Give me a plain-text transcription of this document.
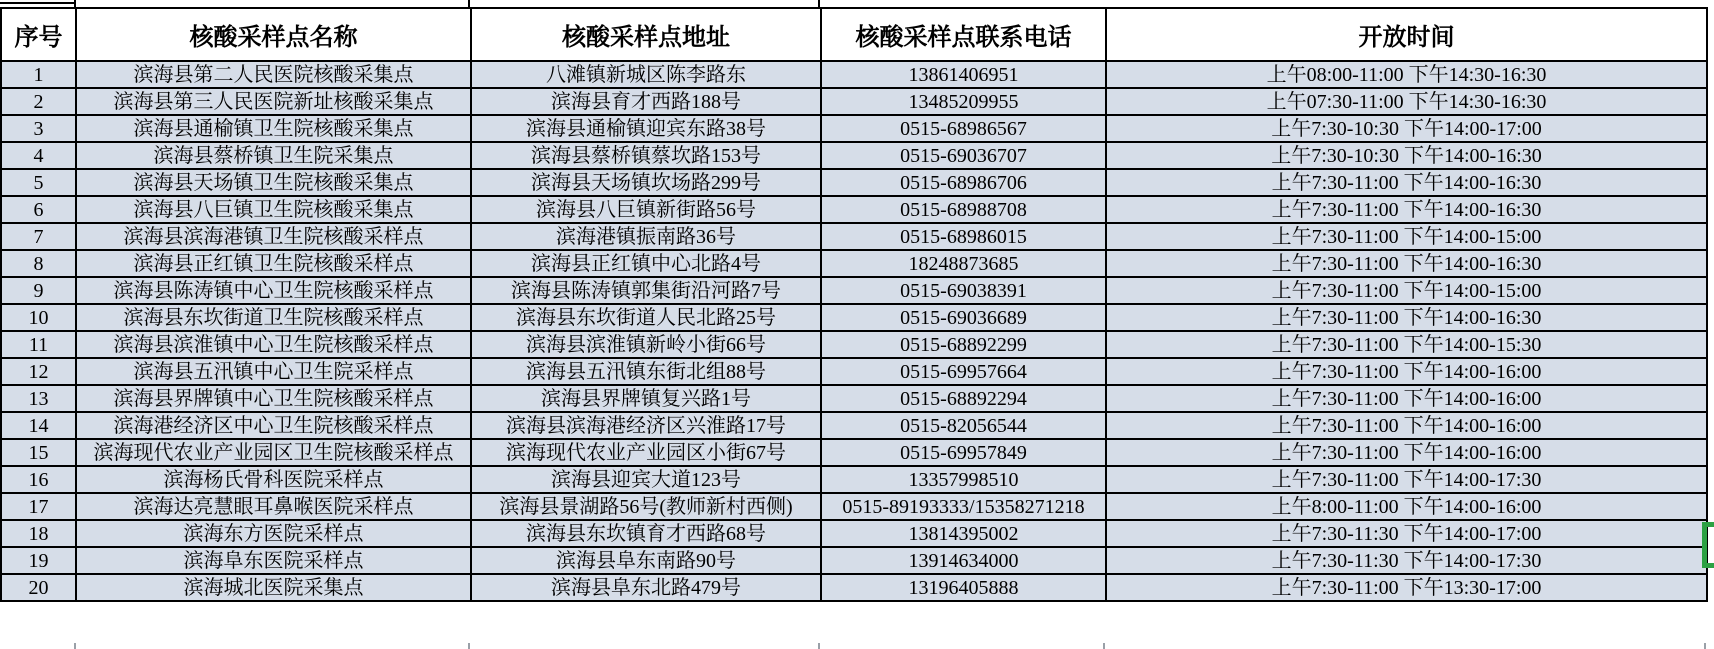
序号	核酸采样点名称	核酸采样点地址	核酸采样点联系电话	开放时间
1	滨海县第二人民医院核酸采集点	八滩镇新城区陈李路东	13861406951	上午08:00-11:00 下午14:30-16:30
2	滨海县第三人民医院新址核酸采集点	滨海县育才西路188号	13485209955	上午07:30-11:00 下午14:30-16:30
3	滨海县通榆镇卫生院核酸采集点	滨海县通榆镇迎宾东路38号	0515-68986567	上午7:30-10:30 下午14:00-17:00
4	滨海县蔡桥镇卫生院采集点	滨海县蔡桥镇蔡坎路153号	0515-69036707	上午7:30-10:30 下午14:00-16:30
5	滨海县天场镇卫生院核酸采集点	滨海县天场镇坎场路299号	0515-68986706	上午7:30-11:00 下午14:00-16:30
6	滨海县八巨镇卫生院核酸采集点	滨海县八巨镇新街路56号	0515-68988708	上午7:30-11:00 下午14:00-16:30
7	滨海县滨海港镇卫生院核酸采样点	滨海港镇振南路36号	0515-68986015	上午7:30-11:00 下午14:00-15:00
8	滨海县正红镇卫生院核酸采样点	滨海县正红镇中心北路4号	18248873685	上午7:30-11:00 下午14:00-16:30
9	滨海县陈涛镇中心卫生院核酸采样点	滨海县陈涛镇郭集街沿河路7号	0515-69038391	上午7:30-11:00 下午14:00-15:00
10	滨海县东坎街道卫生院核酸采样点	滨海县东坎街道人民北路25号	0515-69036689	上午7:30-11:00 下午14:00-16:30
11	滨海县滨淮镇中心卫生院核酸采样点	滨海县滨淮镇新岭小街66号	0515-68892299	上午7:30-11:00 下午14:00-15:30
12	滨海县五汛镇中心卫生院采样点	滨海县五汛镇东街北组88号	0515-69957664	上午7:30-11:00 下午14:00-16:00
13	滨海县界牌镇中心卫生院核酸采样点	滨海县界牌镇复兴路1号	0515-68892294	上午7:30-11:00 下午14:00-16:00
14	滨海港经济区中心卫生院核酸采样点	滨海县滨海港经济区兴淮路17号	0515-82056544	上午7:30-11:00 下午14:00-16:00
15	滨海现代农业产业园区卫生院核酸采样点	滨海现代农业产业园区小街67号	0515-69957849	上午7:30-11:00 下午14:00-16:00
16	滨海杨氏骨科医院采样点	滨海县迎宾大道123号	13357998510	上午7:30-11:00 下午14:00-17:30
17	滨海达亮慧眼耳鼻喉医院采样点	滨海县景湖路56号(教师新村西侧)	0515-89193333/15358271218	上午8:00-11:00 下午14:00-16:00
18	滨海东方医院采样点	滨海县东坎镇育才西路68号	13814395002	上午7:30-11:30 下午14:00-17:00
19	滨海阜东医院采样点	滨海县阜东南路90号	13914634000	上午7:30-11:30 下午14:00-17:30
20	滨海城北医院采集点	滨海县阜东北路479号	13196405888	上午7:30-11:00 下午13:30-17:00
